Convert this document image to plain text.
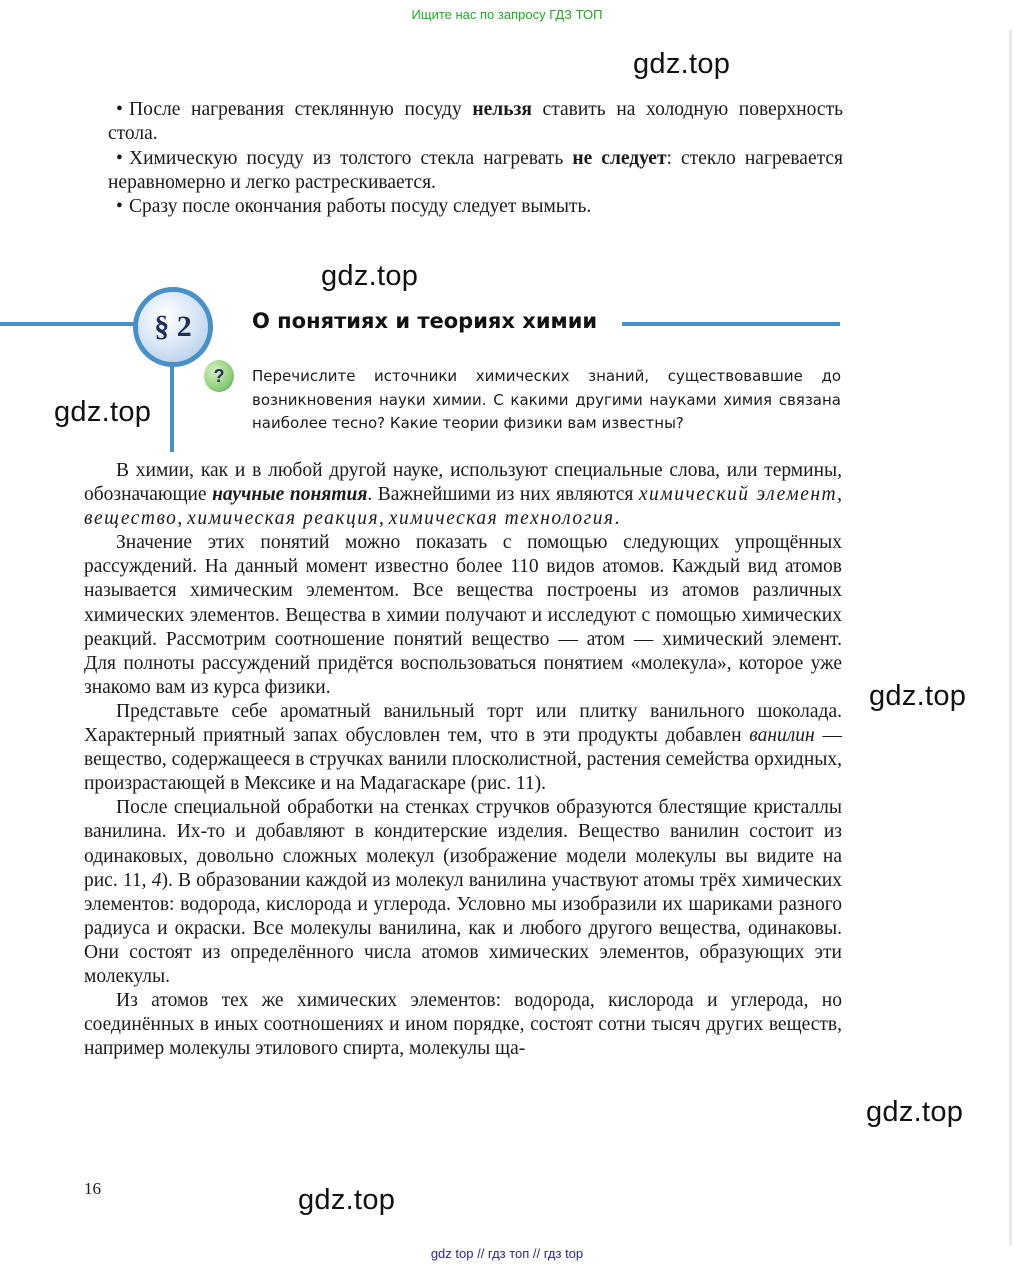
Ищите нас по запросу ГДЗ ТОП
gdz.top

• После нагревания стеклянную посуду нельзя ставить на холодную поверхность стола.

• Химическую посуду из толстого стекла нагревать не следует: стекло нагревается неравномерно и легко растрескивается.

• Сразу после окончания работы посуду следует вымыть.

gdz.top
§ 2	О понятиях и теориях химии
?	Перечислите источники химических знаний, существовавшие до возникновения науки химии. С какими другими науками химия связана наиболее тесно? Какие теории физики вам известны?
gdz.top

В химии, как и в любой другой науке, используют специальные слова, или термины, обозначающие научные понятия. Важнейшими из них являются химический элемент, вещество, химическая реакция, химическая технология.

Значение этих понятий можно показать с помощью следующих упрощённых рассуждений. На данный момент известно более 110 видов атомов. Каждый вид атомов называется химическим элементом. Все вещества построены из атомов различных химических элементов. Вещества в химии получают и исследуют с помощью химических реакций. Рассмотрим соотношение понятий вещество — атом — химический элемент. Для полноты рассуждений придётся воспользоваться понятием «молекула», которое уже знакомо вам из курса физики.

Представьте себе ароматный ванильный торт или плитку ванильного шоколада. Характерный приятный запах обусловлен тем, что в эти продукты добавлен ванилин — вещество, содержащееся в стручках ванили плосколистной, растения семейства орхидных, произрастающей в Мексике и на Мадагаскаре (рис. 11).

После специальной обработки на стенках стручков образуются блестящие кристаллы ванилина. Их-то и добавляют в кондитерские изделия. Вещество ванилин состоит из одинаковых, довольно сложных молекул (изображение модели молекулы вы видите на рис. 11, 4). В образовании каждой из молекул ванилина участвуют атомы трёх химических элементов: водорода, кислорода и углерода. Условно мы изобразили их шариками разного радиуса и окраски. Все молекулы ванилина, как и любого другого вещества, одинаковы. Они состоят из определённого числа атомов химических элементов, образующих эти молекулы.

Из атомов тех же химических элементов: водорода, кислорода и углерода, но соединённых в иных соотношениях и ином порядке, состоят сотни тысяч других веществ, например молекулы этилового спирта, молекулы ща-

gdz.top
gdz.top
16	gdz.top
gdz top // гдз топ // гдз top
